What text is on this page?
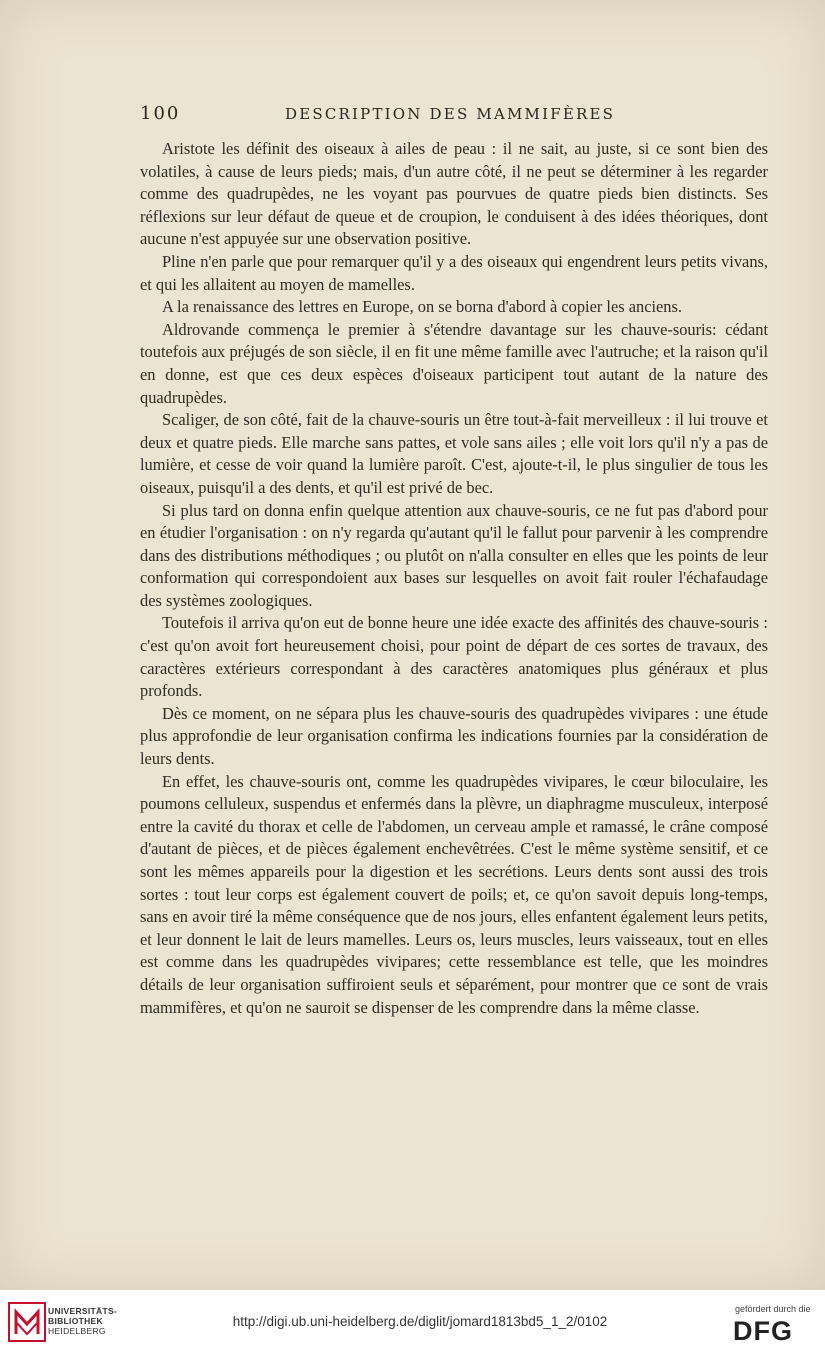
100	DESCRIPTION DES MAMMIFÈRES

Aristote les définit des oiseaux à ailes de peau : il ne sait, au juste, si ce sont bien des volatiles, à cause de leurs pieds; mais, d'un autre côté, il ne peut se déterminer à les regarder comme des quadrupèdes, ne les voyant pas pourvues de quatre pieds bien distincts. Ses réflexions sur leur défaut de queue et de croupion, le conduisent à des idées théoriques, dont aucune n'est appuyée sur une observation positive.

Pline n'en parle que pour remarquer qu'il y a des oiseaux qui engendrent leurs petits vivans, et qui les allaitent au moyen de mamelles.

A la renaissance des lettres en Europe, on se borna d'abord à copier les anciens.

Aldrovande commença le premier à s'étendre davantage sur les chauve-souris: cédant toutefois aux préjugés de son siècle, il en fit une même famille avec l'autruche; et la raison qu'il en donne, est que ces deux espèces d'oiseaux participent tout autant de la nature des quadrupèdes.

Scaliger, de son côté, fait de la chauve-souris un être tout-à-fait merveilleux : il lui trouve et deux et quatre pieds. Elle marche sans pattes, et vole sans ailes ; elle voit lors qu'il n'y a pas de lumière, et cesse de voir quand la lumière paroît. C'est, ajoute-t-il, le plus singulier de tous les oiseaux, puisqu'il a des dents, et qu'il est privé de bec.

Si plus tard on donna enfin quelque attention aux chauve-souris, ce ne fut pas d'abord pour en étudier l'organisation : on n'y regarda qu'autant qu'il le fallut pour parvenir à les comprendre dans des distributions méthodiques ; ou plutôt on n'alla consulter en elles que les points de leur conformation qui correspondoient aux bases sur lesquelles on avoit fait rouler l'échafaudage des systèmes zoologiques.

Toutefois il arriva qu'on eut de bonne heure une idée exacte des affinités des chauve-souris : c'est qu'on avoit fort heureusement choisi, pour point de départ de ces sortes de travaux, des caractères extérieurs correspondant à des caractères anatomiques plus généraux et plus profonds.

Dès ce moment, on ne sépara plus les chauve-souris des quadrupèdes vivipares : une étude plus approfondie de leur organisation confirma les indications fournies par la considération de leurs dents.

En effet, les chauve-souris ont, comme les quadrupèdes vivipares, le cœur biloculaire, les poumons celluleux, suspendus et enfermés dans la plèvre, un diaphragme musculeux, interposé entre la cavité du thorax et celle de l'abdomen, un cerveau ample et ramassé, le crâne composé d'autant de pièces, et de pièces également enchevêtrées. C'est le même système sensitif, et ce sont les mêmes appareils pour la digestion et les secrétions. Leurs dents sont aussi des trois sortes : tout leur corps est également couvert de poils; et, ce qu'on savoit depuis long-temps, sans en avoir tiré la même conséquence que de nos jours, elles enfantent également leurs petits, et leur donnent le lait de leurs mamelles. Leurs os, leurs muscles, leurs vaisseaux, tout en elles est comme dans les quadrupèdes vivipares; cette ressemblance est telle, que les moindres détails de leur organisation suffiroient seuls et séparément, pour montrer que ce sont de vrais mammifères, et qu'on ne sauroit se dispenser de les comprendre dans la même classe.

UNIVERSITÄTS-
BIBLIOTHEK
HEIDELBERG
http://digi.ub.uni-heidelberg.de/diglit/jomard1813bd5_1_2/0102
gefördert durch die
DFG
